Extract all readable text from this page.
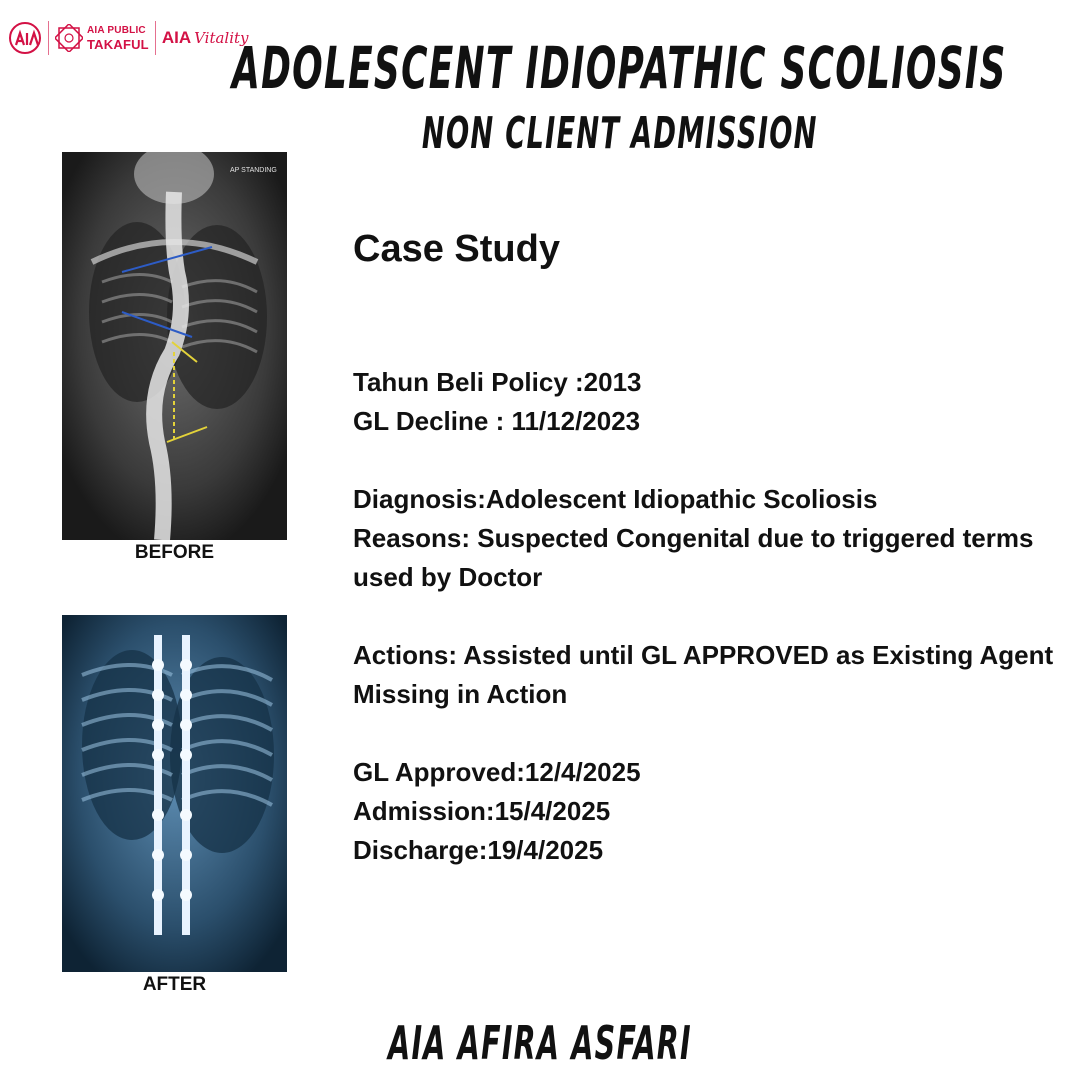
AIA PUBLIC
TAKAFUL AIA Vitality
ADOLESCENT IDIOPATHIC SCOLIOSIS
NON CLIENT ADMISSION
AP STANDING
BEFORE
AFTER
Case Study
Tahun Beli Policy :2013
GL Decline : 11/12/2023
Diagnosis:Adolescent Idiopathic Scoliosis
Reasons: Suspected Congenital due to triggered terms
used by Doctor
Actions: Assisted until GL APPROVED as Existing Agent
Missing in Action
GL Approved:12/4/2025
Admission:15/4/2025
Discharge:19/4/2025
AIA AFIRA ASFARI
